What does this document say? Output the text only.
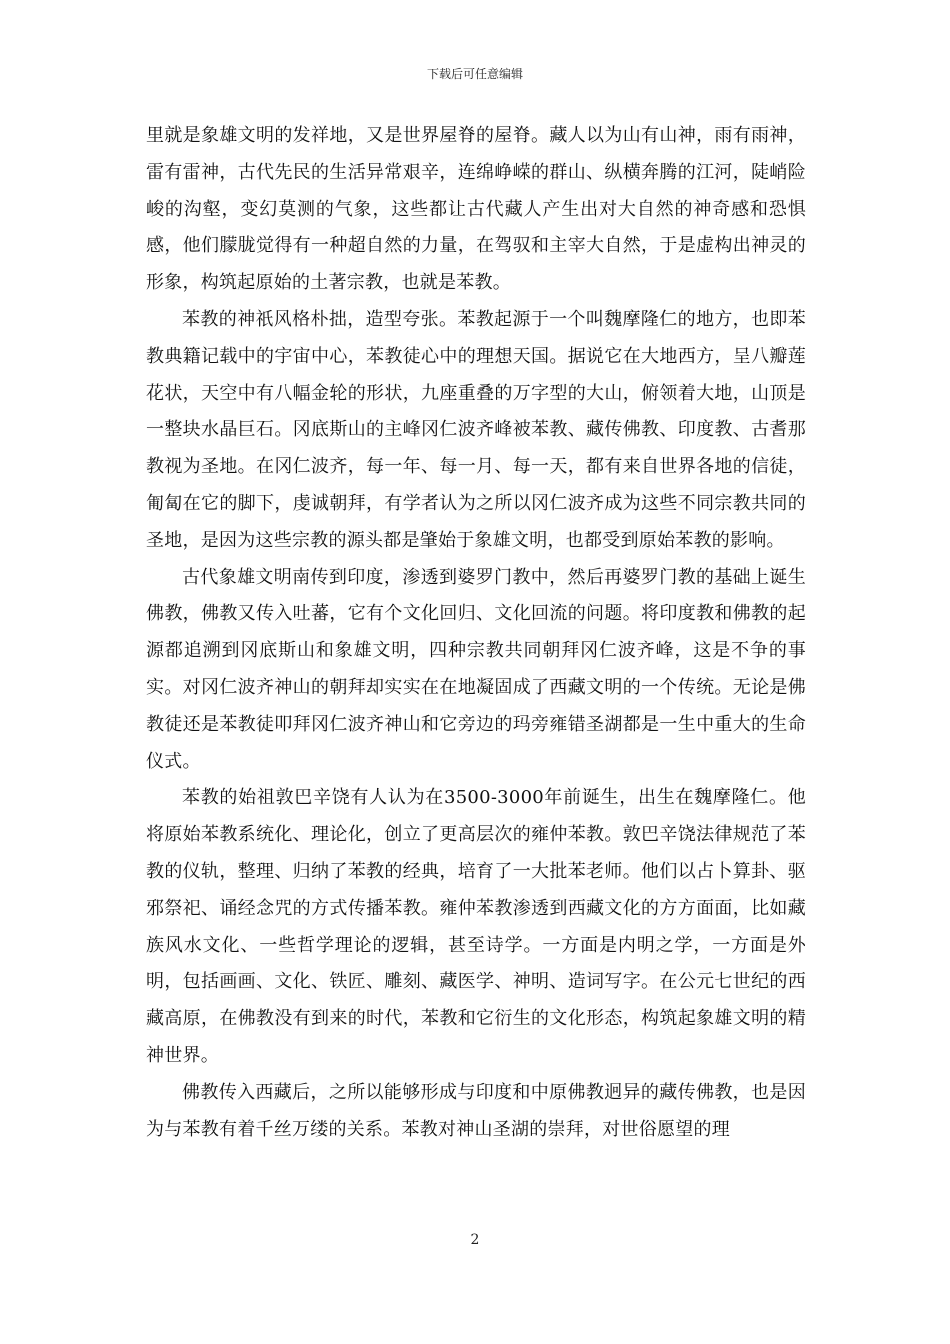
下载后可任意编辑

里就是象雄文明的发祥地，又是世界屋脊的屋脊。藏人以为山有山神，雨有雨神，雷有雷神，古代先民的生活异常艰辛，连绵峥嵘的群山、纵横奔腾的江河，陡峭险峻的沟壑，变幻莫测的气象，这些都让古代藏人产生出对大自然的神奇感和恐惧感，他们朦胧觉得有一种超自然的力量，在驾驭和主宰大自然，于是虚构出神灵的形象，构筑起原始的土著宗教，也就是苯教。

苯教的神祇风格朴拙，造型夸张。苯教起源于一个叫魏摩隆仁的地方，也即苯教典籍记载中的宇宙中心，苯教徒心中的理想天国。据说它在大地西方，呈八瓣莲花状，天空中有八幅金轮的形状，九座重叠的万字型的大山，俯领着大地，山顶是一整块水晶巨石。冈底斯山的主峰冈仁波齐峰被苯教、藏传佛教、印度教、古耆那教视为圣地。在冈仁波齐，每一年、每一月、每一天，都有来自世界各地的信徒，匍匐在它的脚下，虔诚朝拜，有学者认为之所以冈仁波齐成为这些不同宗教共同的圣地，是因为这些宗教的源头都是肇始于象雄文明，也都受到原始苯教的影响。

古代象雄文明南传到印度，渗透到婆罗门教中，然后再婆罗门教的基础上诞生佛教，佛教又传入吐蕃，它有个文化回归、文化回流的问题。将印度教和佛教的起源都追溯到冈底斯山和象雄文明，四种宗教共同朝拜冈仁波齐峰，这是不争的事实。对冈仁波齐神山的朝拜却实实在在地凝固成了西藏文明的一个传统。无论是佛教徒还是苯教徒叩拜冈仁波齐神山和它旁边的玛旁雍错圣湖都是一生中重大的生命仪式。

苯教的始祖敦巴辛饶有人认为在3500-3000年前诞生，出生在魏摩隆仁。他将原始苯教系统化、理论化，创立了更高层次的雍仲苯教。敦巴辛饶法律规范了苯教的仪轨，整理、归纳了苯教的经典，培育了一大批苯老师。他们以占卜算卦、驱邪祭祀、诵经念咒的方式传播苯教。雍仲苯教渗透到西藏文化的方方面面，比如藏族风水文化、一些哲学理论的逻辑，甚至诗学。一方面是内明之学，一方面是外明，包括画画、文化、铁匠、雕刻、藏医学、神明、造词写字。在公元七世纪的西藏高原，在佛教没有到来的时代，苯教和它衍生的文化形态，构筑起象雄文明的精神世界。

佛教传入西藏后，之所以能够形成与印度和中原佛教迥异的藏传佛教，也是因为与苯教有着千丝万缕的关系。苯教对神山圣湖的崇拜，对世俗愿望的理

2
